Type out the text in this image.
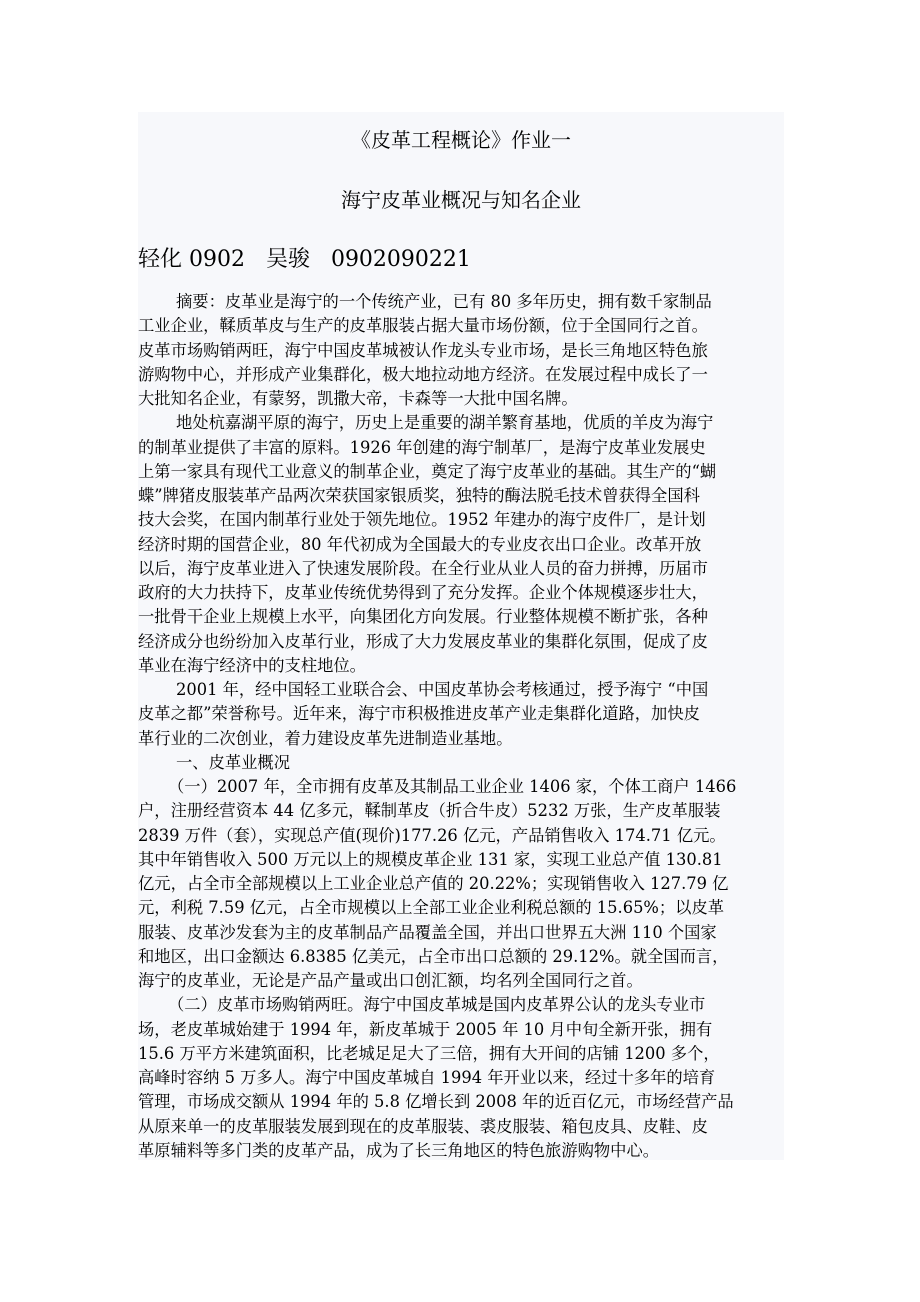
《皮革工程概论》作业一
海宁皮革业概况与知名企业

轻化 0902   吴骏   0902090221

摘要：皮革业是海宁的一个传统产业，已有 80 多年历史，拥有数千家制品
工业企业，鞣质革皮与生产的皮革服装占据大量市场份额，位于全国同行之首。
皮革市场购销两旺，海宁中国皮革城被认作龙头专业市场，是长三角地区特色旅
游购物中心，并形成产业集群化，极大地拉动地方经济。在发展过程中成长了一
大批知名企业，有蒙努，凯撒大帝，卡森等一大批中国名牌。
地处杭嘉湖平原的海宁，历史上是重要的湖羊繁育基地，优质的羊皮为海宁
的制革业提供了丰富的原料。1926 年创建的海宁制革厂，是海宁皮革业发展史
上第一家具有现代工业意义的制革企业，奠定了海宁皮革业的基础。其生产的“蝴
蝶”牌猪皮服装革产品两次荣获国家银质奖，独特的酶法脱毛技术曾获得全国科
技大会奖，在国内制革行业处于领先地位。1952 年建办的海宁皮件厂，是计划
经济时期的国营企业，80 年代初成为全国最大的专业皮衣出口企业。改革开放
以后，海宁皮革业进入了快速发展阶段。在全行业从业人员的奋力拼搏，历届市
政府的大力扶持下，皮革业传统优势得到了充分发挥。企业个体规模逐步壮大，
一批骨干企业上规模上水平，向集团化方向发展。行业整体规模不断扩张，各种
经济成分也纷纷加入皮革行业，形成了大力发展皮革业的集群化氛围，促成了皮
革业在海宁经济中的支柱地位。
2001 年，经中国轻工业联合会、中国皮革协会考核通过，授予海宁 “中国
皮革之都”荣誉称号。近年来，海宁市积极推进皮革产业走集群化道路，加快皮
革行业的二次创业，着力建设皮革先进制造业基地。
一、皮革业概况
（一）2007 年，全市拥有皮革及其制品工业企业 1406 家，个体工商户 1466
户，注册经营资本 44 亿多元，鞣制革皮（折合牛皮）5232 万张，生产皮革服装
2839 万件（套），实现总产值(现价)177.26 亿元，产品销售收入 174.71 亿元。
其中年销售收入 500 万元以上的规模皮革企业 131 家，实现工业总产值 130.81
亿元，占全市全部规模以上工业企业总产值的 20.22%；实现销售收入 127.79 亿
元，利税 7.59 亿元，占全市规模以上全部工业企业利税总额的 15.65%；以皮革
服装、皮革沙发套为主的皮革制品产品覆盖全国，并出口世界五大洲 110 个国家
和地区，出口金额达 6.8385 亿美元，占全市出口总额的 29.12%。就全国而言，
海宁的皮革业，无论是产品产量或出口创汇额，均名列全国同行之首。
（二）皮革市场购销两旺。海宁中国皮革城是国内皮革界公认的龙头专业市
场，老皮革城始建于 1994 年，新皮革城于 2005 年 10 月中旬全新开张，拥有
15.6 万平方米建筑面积，比老城足足大了三倍，拥有大开间的店铺 1200 多个，
高峰时容纳 5 万多人。海宁中国皮革城自 1994 年开业以来，经过十多年的培育
管理，市场成交额从 1994 年的 5.8 亿增长到 2008 年的近百亿元，市场经营产品
从原来单一的皮革服装发展到现在的皮革服装、裘皮服装、箱包皮具、皮鞋、皮
革原辅料等多门类的皮革产品，成为了长三角地区的特色旅游购物中心。
